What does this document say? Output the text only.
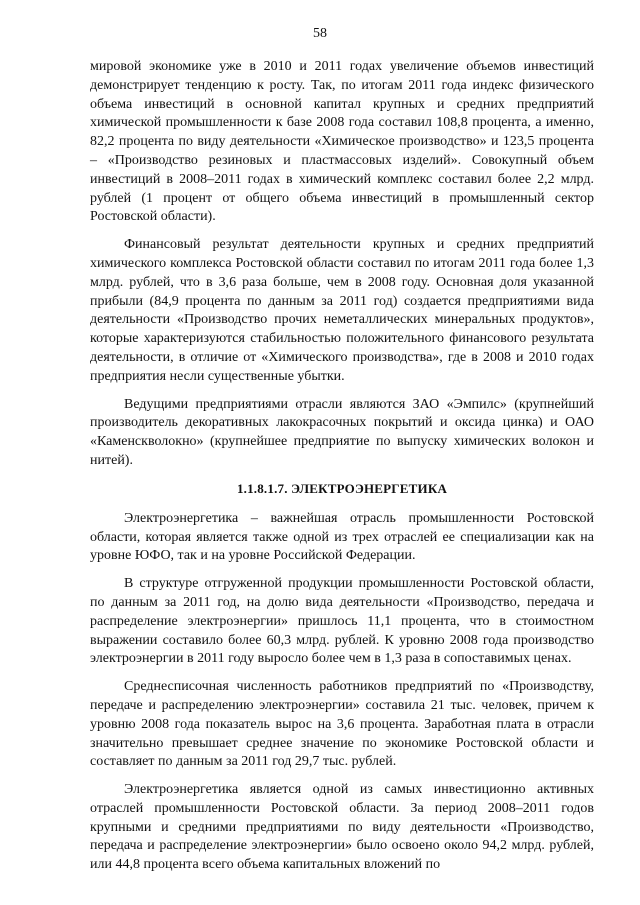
58

мировой экономике уже в 2010 и 2011 годах увеличение объемов инвестиций демонстрирует тенденцию к росту. Так, по итогам 2011 года индекс физического объема инвестиций в основной капитал крупных и средних предприятий химической промышленности к базе 2008 года составил 108,8 процента, а именно, 82,2 процента по виду деятельности «Химическое производство» и 123,5 процента – «Производство резиновых и пластмассовых изделий». Совокупный объем инвестиций в 2008–2011 годах в химический комплекс составил более 2,2 млрд. рублей (1 процент от общего объема инвестиций в промышленный сектор Ростовской области).

Финансовый результат деятельности крупных и средних предприятий химического комплекса Ростовской области составил по итогам 2011 года более 1,3 млрд. рублей, что в 3,6 раза больше, чем в 2008 году. Основная доля указанной прибыли (84,9 процента по данным за 2011 год) создается предприятиями вида деятельности «Производство прочих неметаллических минеральных продуктов», которые характеризуются стабильностью положительного финансового результата деятельности, в отличие от «Химического производства», где в 2008 и 2010 годах предприятия несли существенные убытки.

Ведущими предприятиями отрасли являются ЗАО «Эмпилс» (крупнейший производитель декоративных лакокрасочных покрытий и оксида цинка) и ОАО «Каменскволокно» (крупнейшее предприятие по выпуску химических волокон и нитей).

1.1.8.1.7. ЭЛЕКТРОЭНЕРГЕТИКА

Электроэнергетика – важнейшая отрасль промышленности Ростовской области, которая является также одной из трех отраслей ее специализации как на уровне ЮФО, так и на уровне Российской Федерации.

В структуре отгруженной продукции промышленности Ростовской области, по данным за 2011 год, на долю вида деятельности «Производство, передача и распределение электроэнергии» пришлось 11,1 процента, что в стоимостном выражении составило более 60,3 млрд. рублей. К уровню 2008 года производство электроэнергии в 2011 году выросло более чем в 1,3 раза в сопоставимых ценах.

Среднесписочная численность работников предприятий по «Производству, передаче и распределению электроэнергии» составила 21 тыс. человек, причем к уровню 2008 года показатель вырос на 3,6 процента. Заработная плата в отрасли значительно превышает среднее значение по экономике Ростовской области и составляет по данным за 2011 год 29,7 тыс. рублей.

Электроэнергетика является одной из самых инвестиционно активных отраслей промышленности Ростовской области. За период 2008–2011 годов крупными и средними предприятиями по виду деятельности «Производство, передача и распределение электроэнергии» было освоено около 94,2 млрд. рублей, или 44,8 процента всего объема капитальных вложений по
